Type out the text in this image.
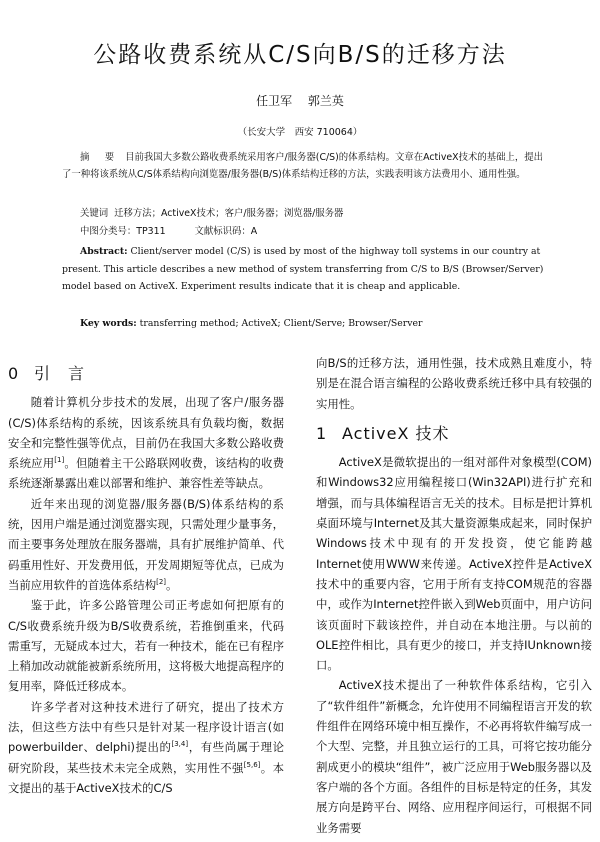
公路收费系统从C/S向B/S的迁移方法
任卫军　 郭兰英
（长安大学　西安 710064）
摘　要 目前我国大多数公路收费系统采用客户/服务器(C/S)的体系结构。文章在ActiveX技术的基础上，提出了一种将该系统从C/S体系结构向浏览器/服务器(B/S)体系结构迁移的方法，实践表明该方法费用小、通用性强。
关键词 迁移方法；ActiveX技术；客户/服务器；浏览器/服务器
中图分类号：TP311	文献标识码：A
Abstract: Client/server model (C/S) is used by most of the highway toll systems in our country at present. This article describes a new method of system transferring from C/S to B/S (Browser/Server) model based on ActiveX. Experiment results indicate that it is cheap and applicable.
Key words: transferring method; ActiveX; Client/Serve; Browser/Server
0 引　言

随着计算机分步技术的发展，出现了客户/服务器(C/S)体系结构的系统，因该系统具有负载均衡，数据安全和完整性强等优点，目前仍在我国大多数公路收费系统应用[1]。但随着主干公路联网收费，该结构的收费系统逐渐暴露出难以部署和维护、兼容性差等缺点。

近年来出现的浏览器/服务器(B/S)体系结构的系统，因用户端是通过浏览器实现，只需处理少量事务，而主要事务处理放在服务器端，具有扩展维护简单、代码重用性好、开发费用低，开发周期短等优点，已成为当前应用软件的首选体系结构[2]。

鉴于此，许多公路管理公司正考虑如何把原有的C/S收费系统升级为B/S收费系统，若推倒重来，代码需重写，无疑成本过大，若有一种技术，能在已有程序上稍加改动就能被新系统所用，这将极大地提高程序的复用率，降低迁移成本。

许多学者对这种技术进行了研究，提出了技术方法，但这些方法中有些只是针对某一程序设计语言(如powerbuilder、delphi)提出的[3,4]，有些尚属于理论研究阶段，某些技术未完全成熟，实用性不强[5,6]。本文提出的基于ActiveX技术的C/S

向B/S的迁移方法，通用性强，技术成熟且难度小，特别是在混合语言编程的公路收费系统迁移中具有较强的实用性。

1 ActiveX 技术

ActiveX是微软提出的一组对部件对象模型(COM)和Windows32应用编程接口(Win32API)进行扩充和增强，而与具体编程语言无关的技术。目标是把计算机桌面环境与Internet及其大量资源集成起来，同时保护Windows技术中现有的开发投资，使它能跨越Internet使用WWW来传递。ActiveX控件是ActiveX技术中的重要内容，它用于所有支持COM规范的容器中，或作为Internet控件嵌入到Web页面中，用户访问该页面时下载该控件，并自动在本地注册。与以前的OLE控件相比，具有更少的接口，并支持IUnknown接口。

ActiveX技术提出了一种软件体系结构，它引入了“软件组件”新概念，允许使用不同编程语言开发的软件组件在网络环境中相互操作，不必再将软件编写成一个大型、完整，并且独立运行的工具，可将它按功能分割成更小的模块“组件”，被广泛应用于Web服务器以及客户端的各个方面。各组件的目标是特定的任务，其发展方向是跨平台、网络、应用程序间运行，可根据不同业务需要
